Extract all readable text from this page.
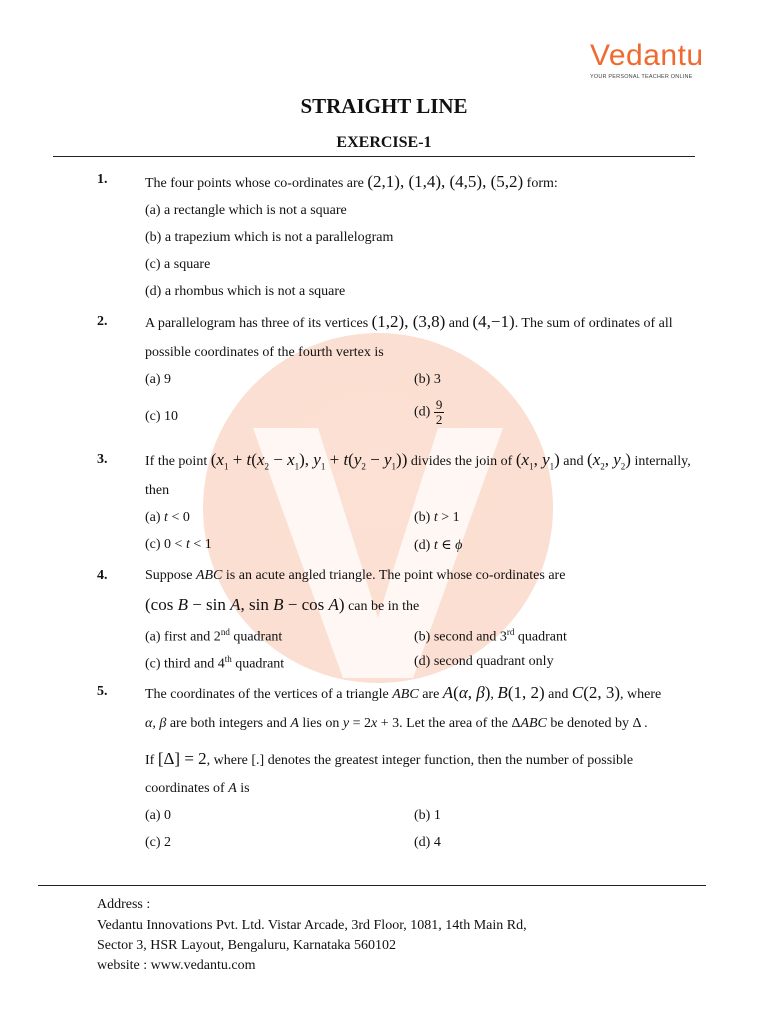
Vedantu
YOUR PERSONAL TEACHER ONLINE
STRAIGHT LINE
EXERCISE-1
1.	The four points whose co-ordinates are (2,1), (1,4), (4,5), (5,2) form:
(a) a rectangle which is not a square
(b) a trapezium which is not a parallelogram
(c) a square
(d) a rhombus which is not a square
2.	A parallelogram has three of its vertices (1,2), (3,8) and (4,−1). The sum of ordinates of all
possible coordinates of the fourth vertex is
(a) 9	(b) 3
(c) 10	$(d) \frac{9}{2}$
3.	If the point ($x_1 + t(x_2 - x_1)$, $y_1 + t(y_2 - y_1)$) divides the join of ($x_1$, $y_1$) and ($x_2$, $y_2$) internally,
then
(a) t < 0	(b) t > 1
(c) 0 < t < 1	(d) t ∈ ϕ
4.	Suppose ABC is an acute angled triangle. The point whose co-ordinates are
(cos B − sin A, sin B − cos A) can be in the
(a) first and 2nd quadrant	(b) second and 3rd quadrant
(c) third and 4th quadrant	(d) second quadrant only
5.	The coordinates of the vertices of a triangle ABC are A(α, β), B(1, 2) and C(2, 3), where
α, β are both integers and A lies on y = 2x + 3. Let the area of the ΔABC be denoted by Δ .
If [Δ] = 2, where [.] denotes the greatest integer function, then the number of possible
coordinates of A is
(a) 0	(b) 1
(c) 2	(d) 4
Address :
Vedantu Innovations Pvt. Ltd. Vistar Arcade, 3rd Floor, 1081, 14th Main Rd,
Sector 3, HSR Layout, Bengaluru, Karnataka 560102
website : www.vedantu.com
